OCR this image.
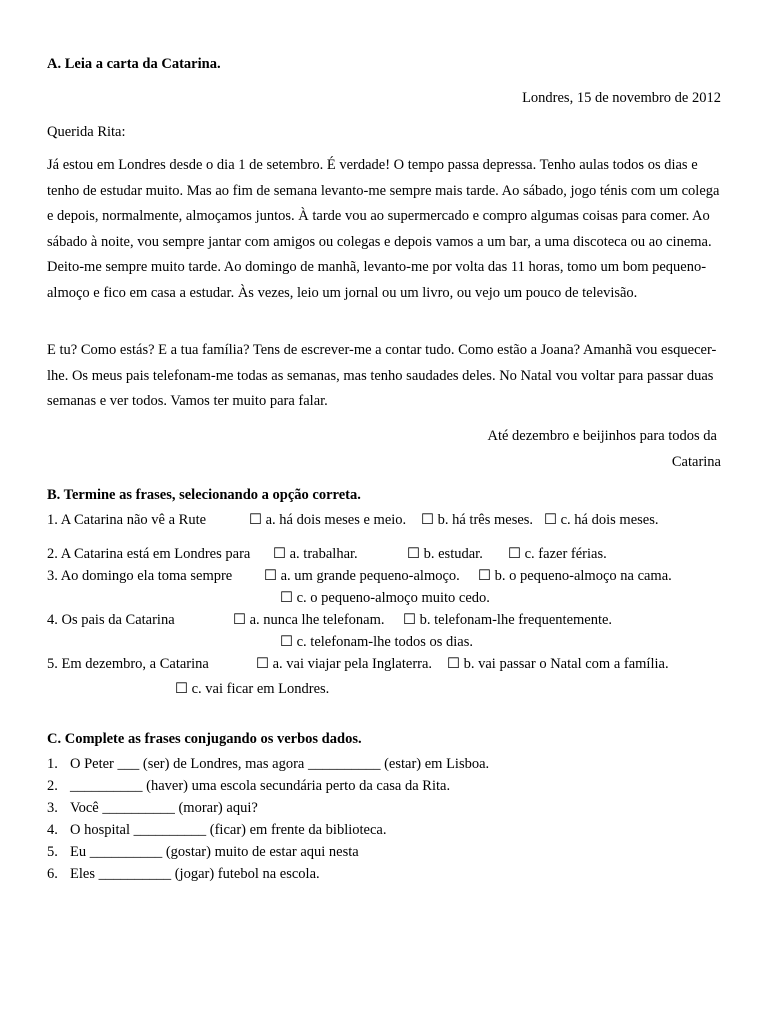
A. Leia a carta da Catarina.
Londres, 15 de novembro de 2012
Querida Rita:
Já estou em Londres desde o dia 1 de setembro. É verdade! O tempo passa depressa. Tenho aulas todos os dias e tenho de estudar muito. Mas ao fim de semana levanto-me sempre mais tarde. Ao sábado, jogo ténis com um colega e depois, normalmente, almoçamos juntos. À tarde vou ao supermercado e compro algumas coisas para comer. Ao sábado à noite, vou sempre jantar com amigos ou colegas e depois vamos a um bar, a uma discoteca ou ao cinema. Deito-me sempre muito tarde. Ao domingo de manhã, levanto-me por volta das 11 horas, tomo um bom pequeno-almoço e fico em casa a estudar. Às vezes, leio um jornal ou um livro, ou vejo um pouco de televisão.
E tu? Como estás? E a tua família? Tens de escrever-me a contar tudo. Como estão a Joana? Amanhã vou esquecer-lhe. Os meus pais telefonam-me todas as semanas, mas tenho saudades deles. No Natal vou voltar para passar duas semanas e ver todos. Vamos ter muito para falar.
Até dezembro e beijinhos para todos da
Catarina
B. Termine as frases, selecionando a opção correta.
1. A Catarina não vê a Rute	☐ a. há dois meses e meio. ☐ b. há três meses. ☐ c. há dois meses.
2. A Catarina está em Londres para ☐ a. trabalhar.	☐ b. estudar. ☐ c. fazer férias.
3. Ao domingo ela toma sempre ☐ a. um grande pequeno-almoço. ☐ b. o pequeno-almoço na cama.
☐ c. o pequeno-almoço muito cedo.
4. Os pais da Catarina	☐ a. nunca lhe telefonam. ☐ b. telefonam-lhe frequentemente.
☐ c. telefonam-lhe todos os dias.
5. Em dezembro, a Catarina	☐ a. vai viajar pela Inglaterra. ☐ b. vai passar o Natal com a família.
☐ c. vai ficar em Londres.
C. Complete as frases conjugando os verbos dados.
1. O Peter ___ (ser) de Londres, mas agora __________ (estar) em Lisboa.
2. __________ (haver) uma escola secundária perto da casa da Rita.
3. Você __________ (morar) aqui?
4. O hospital __________ (ficar) em frente da biblioteca.
5. Eu __________ (gostar) muito de estar aqui nesta
6. Eles __________ (jogar) futebol na escola.
